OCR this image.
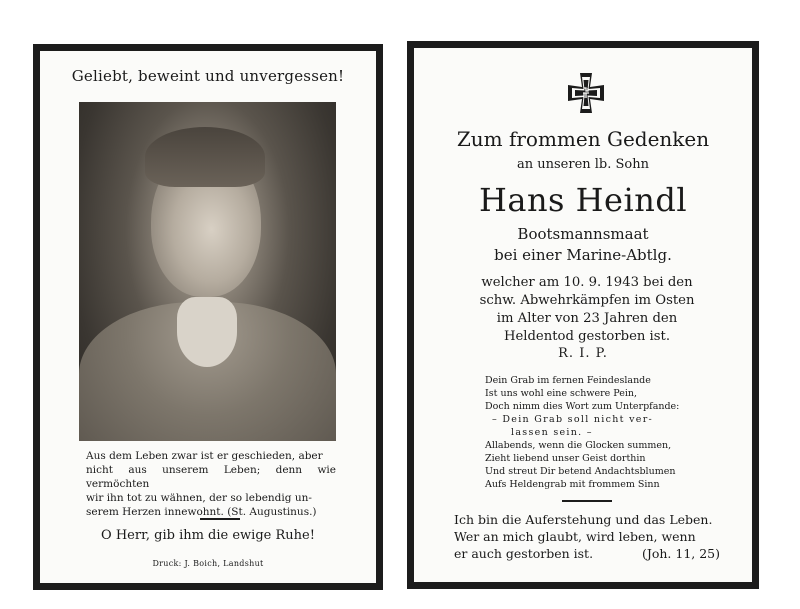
Geliebt, beweint und unvergessen!
Aus dem Leben zwar ist er geschieden, aber
nicht aus unserem Leben; denn wie vermöchten
wir ihn tot zu wähnen, der so lebendig un-
serem Herzen innewohnt. (St. Augustinus.)
O Herr, gib ihm die ewige Ruhe!
Druck: J. Boich, Landshut
Zum frommen Gedenken
an unseren lb. Sohn
Hans Heindl
Bootsmannsmaat
bei einer Marine-Abtlg.
welcher am 10. 9. 1943 bei den
schw. Abwehrkämpfen im Osten
im Alter von 23 Jahren den
Heldentod gestorben ist.
R. I. P.
Dein Grab im fernen Feindeslande
Ist uns wohl eine schwere Pein,
Doch nimm dies Wort zum Unterpfande:
– Dein Grab soll nicht ver-
lassen sein. –
Allabends, wenn die Glocken summen,
Zieht liebend unser Geist dorthin
Und streut Dir betend Andachtsblumen
Aufs Heldengrab mit frommem Sinn
Ich bin die Auferstehung und das Leben.
Wer an mich glaubt, wird leben, wenn
er auch gestorben ist.	(Joh. 11, 25)
